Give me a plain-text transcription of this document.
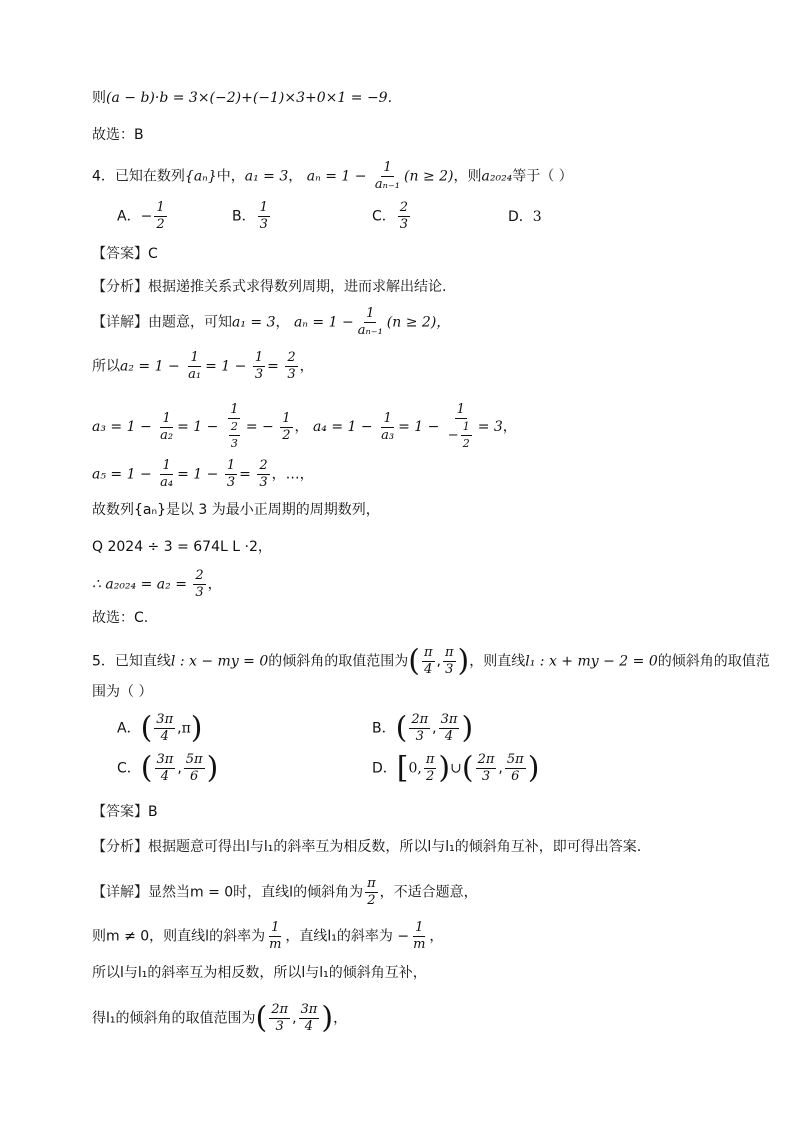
则(a − b)·b = 3×(−2)+(−1)×3+0×1 = −9.
故选：B
4．已知在数列{aₙ}中，a₁ = 3， $a_n = 1 - \frac{1}{\text{aₙ₋₁}} (n \ge 2)$，则a₂₀₂₄等于（ ）
A．− $\frac{1}{2}$	B． $\frac{1}{3}$	C． $\frac{2}{3}$	D．3
【答案】C
【分析】根据递推关系式求得数列周期，进而求解出结论.
【详解】由题意，可知a₁ = 3， $a_n = 1 - \frac{1}{\text{aₙ₋₁}} (n \ge 2)$，
所以$a_2 = 1 - \frac{1}{\text{a₁}} = 1 - \frac{1}{3} = \frac{2}{3}$ ，
$a_3 = 1 - \frac{1}{\text{a₂}} = 1 - \frac{1}{\frac{2}{3}}$ = − $\frac{1}{2}$ ， $a_4 = 1 - \frac{1}{\text{a₃}} = 1 - \frac{1}{- \frac{1}{2}} = 3$，
$a_5 = 1 - \frac{1}{\text{a₄}} = 1 - \frac{1}{3} = \frac{2}{3}$ ，…，
故数列{aₙ}是以 3 为最小正周期的周期数列，
Q 2024 ÷ 3 = 674L L ·2，
∴ $a_{2024} = a_2 = \frac{2}{3}$ ，
故选：C.
5．已知直线l : x − my = 0的倾斜角的取值范围为( $\frac{\pi}{4}$ , $\frac{\pi}{3}$ )，则直线l₁ : x + my − 2 = 0的倾斜角的取值范
围为（ ）
A．( $\frac{3\pi}{4} ,\pi$)	B．( $\frac{2\pi}{3}$ , $\frac{3\pi}{4}$ )
C．( $\frac{3\pi}{4}$ , $\frac{5\pi}{6}$ )	D．[0, $\frac{\pi}{2}$ )∪( $\frac{2\pi}{3}$ , $\frac{5\pi}{6}$ )
【答案】B
【分析】根据题意可得出l与l₁的斜率互为相反数，所以l与l₁的倾斜角互补，即可得出答案.
【详解】显然当m = 0时，直线l的倾斜角为 $\frac{\pi}{2}$ ，不适合题意，
则m ≠ 0，则直线l的斜率为 $\frac{1}{m}$ ，直线l₁的斜率为 − $\frac{1}{m}$ ，
所以l与l₁的斜率互为相反数，所以l与l₁的倾斜角互补，
得l₁的倾斜角的取值范围为( $\frac{2\pi}{3}$ , $\frac{3\pi}{4}$ )，
